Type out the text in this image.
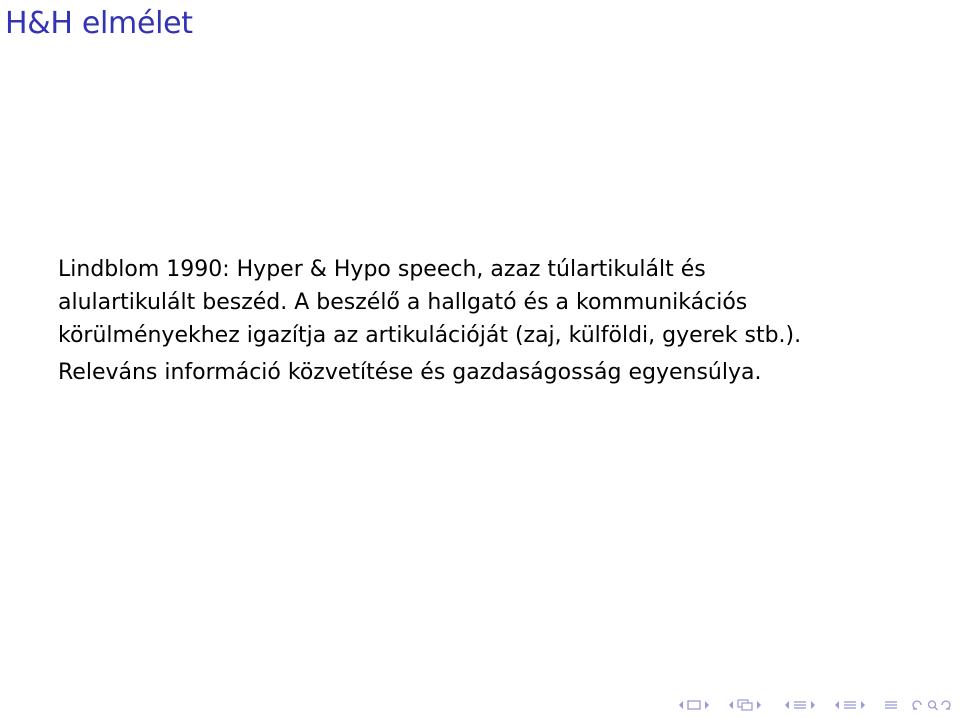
H&H elmélet

Lindblom 1990: Hyper & Hypo speech, azaz túlartikulált és
alulartikulált beszéd. A beszélő a hallgató és a kommunikációs
körülményekhez igazítja az artikulációját (zaj, külföldi, gyerek stb.).

Releváns információ közvetítése és gazdaságosság egyensúlya.
